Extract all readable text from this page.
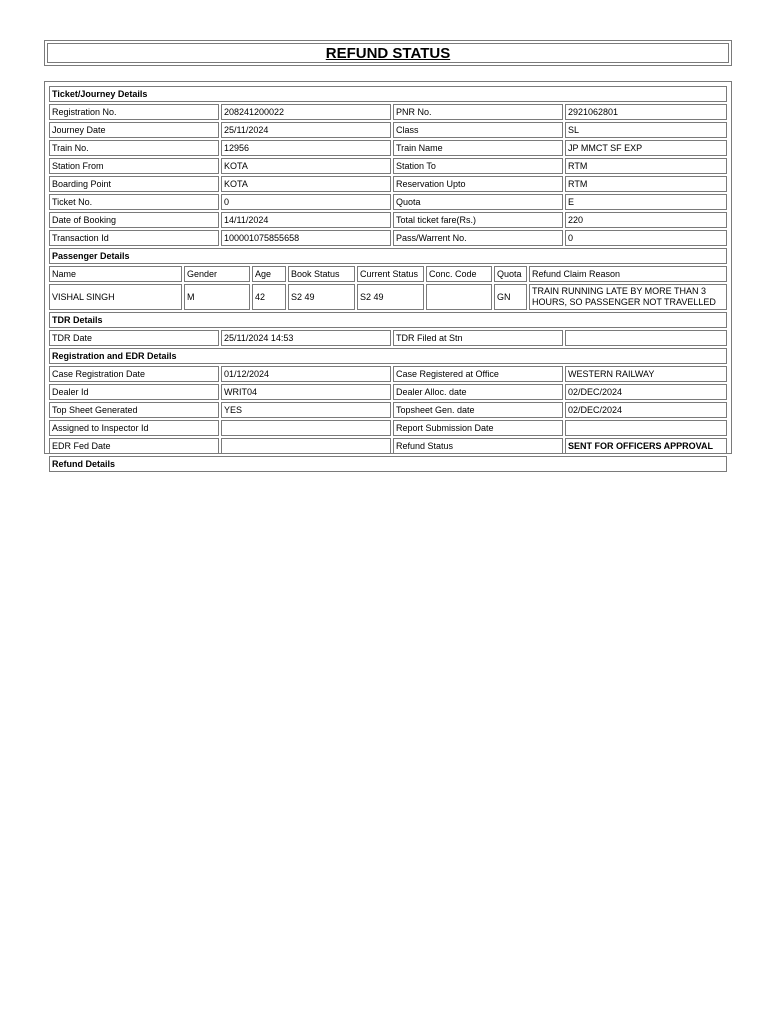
REFUND STATUS
Ticket/Journey Details			
Registration No.	208241200022	PNR No.	2921062801
Journey Date	25/11/2024	Class	SL
Train No.	12956	Train Name	JP MMCT SF EXP
Station From	KOTA	Station To	RTM
Boarding Point	KOTA	Reservation Upto	RTM
Ticket No.	0	Quota	E
Date of Booking	14/11/2024	Total ticket fare(Rs.)	220
Transaction Id	100001075855658	Pass/Warrent No.	0
Passenger Details							
Name	Gender	Age	Book Status	Current Status	Conc. Code	Quota	Refund Claim Reason
VISHAL SINGH	M	42	S2 49	S2 49		GN	TRAIN RUNNING LATE BY MORE THAN 3 HOURS, SO PASSENGER NOT TRAVELLED
TDR Details
TDR Date	25/11/2024 14:53	TDR Filed at Stn	
Registration and EDR Details			
Case Registration Date	01/12/2024	Case Registered at Office	WESTERN RAILWAY
Dealer Id	WRIT04	Dealer Alloc. date	02/DEC/2024
Top Sheet Generated	YES	Topsheet Gen. date	02/DEC/2024
Assigned to Inspector Id		Report Submission Date	
EDR Fed Date		Refund Status	SENT FOR OFFICERS APPROVAL
Refund Details
